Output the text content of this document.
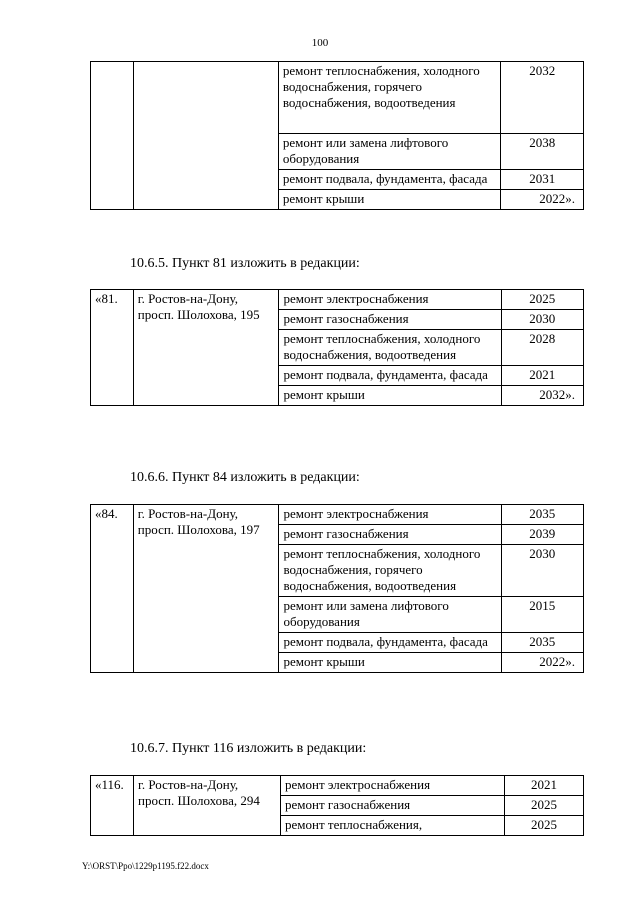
100
		ремонт теплоснабжения, холодного водоснабжения, горячего водоснабжения, водоотведения	2032
		ремонт или замена лифтового оборудования	2038
		ремонт подвала, фундамента, фасада	2031
		ремонт крыши	2022».
10.6.5. Пункт 81 изложить в редакции:
«81.	г. Ростов-на-Дону, просп. Шолохова, 195	ремонт электроснабжения	2025
		ремонт газоснабжения	2030
		ремонт теплоснабжения, холодного водоснабжения, водоотведения	2028
		ремонт подвала, фундамента, фасада	2021
		ремонт крыши	2032».
10.6.6. Пункт 84 изложить в редакции:
«84.	г. Ростов-на-Дону, просп. Шолохова, 197	ремонт электроснабжения	2035
		ремонт газоснабжения	2039
		ремонт теплоснабжения, холодного водоснабжения, горячего водоснабжения, водоотведения	2030
		ремонт или замена лифтового оборудования	2015
		ремонт подвала, фундамента, фасада	2035
		ремонт крыши	2022».
10.6.7. Пункт 116 изложить в редакции:
«116.	г. Ростов-на-Дону, просп. Шолохова, 294	ремонт электроснабжения	2021
		ремонт газоснабжения	2025
		ремонт теплоснабжения,	2025
Y:\ORST\Ppo\1229p1195.f22.docx
